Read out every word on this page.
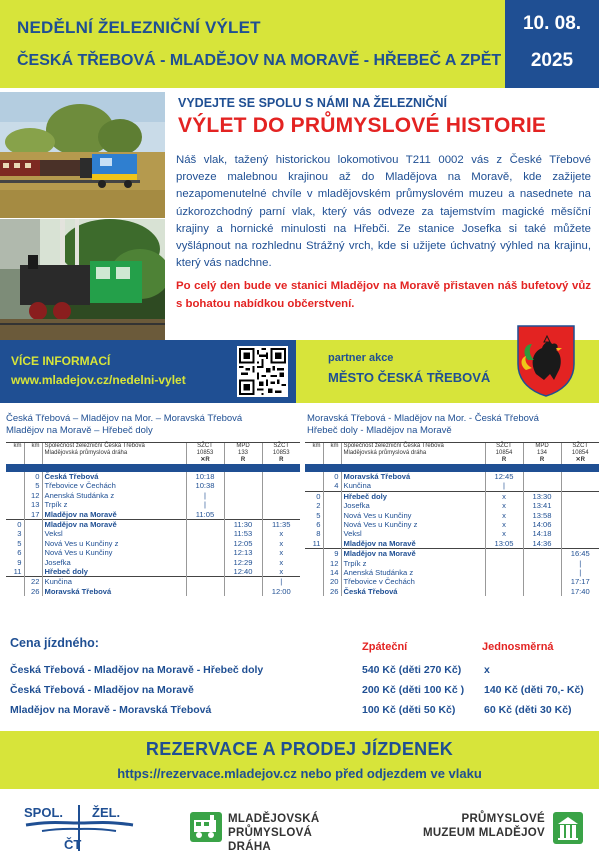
NEDĚLNÍ ŽELEZNIČNÍ VÝLET
ČESKÁ TŘEBOVÁ - MLADĚJOV NA MORAVĚ - HŘEBEČ A ZPĚT
10. 08.
2025
VYDEJTE SE SPOLU S NÁMI NA ŽELEZNIČNÍ
VÝLET DO PRŮMYSLOVÉ HISTORIE
Náš vlak, tažený historickou lokomotivou T211 0002 vás z České Třebové proveze malebnou krajinou až do Mladějova na Moravě, kde zažijete nezapomenutelné chvíle v mladějovském průmyslovém muzeu a nasednete na úzkorozchodný parní vlak, který vás odveze za tajemstvím magické měsíční krajiny a hornické minulosti na Hřebči. Ze stanice Josefka si také můžete vyšlápnout na rozhlednu Strážný vrch, kde si užijete úchvatný výhled na krajinu, který vás nadchne.
Po celý den bude ve stanici Mladějov na Moravě přistaven náš bufetový vůz s bohatou nabídkou občerstvení.
VÍCE INFORMACÍ
www.mladejov.cz/nedelni-vylet
partner akce
MĚSTO ČESKÁ TŘEBOVÁ
Česká Třebová – Mladějov na Mor. – Moravská Třebová
Mladějov na Moravě – Hřebeč doly
Moravská Třebová - Mladějov na Mor. - Česká Třebová
Hřebeč doly - Mladějov na Moravě
km	km	Společnost železniční Česká Třebová	SŽCT	MPD	SŽCT
		Mladějovská průmyslová dráha	10853	133	10853
			✕R	R	R

	0	Česká Třebová	10:18		
	5	Třebovice v Čechách	10:38		
	12	Anenská Studánka z	|		
	13	Trpík z	|		
	17	Mladějov na Moravě	11:05		
0		Mladějov na Moravě		11:30	11:35
3		Veksl		11:53	x
5		Nová Ves u Kunčiny z		12:05	x
6		Nová Ves u Kunčiny		12:13	x
9		Josefka		12:29	x
11		Hřebeč doly		12:40	x
	22	Kunčina			|
	26	Moravská Třebová			12:00
km	km	Společnost železniční Česká Třebová	SŽCT	MPD	SŽCT
		Mladějovská průmyslová dráha	10854	134	10854
			R	R	✕R

	0	Moravská Třebová	12:45		
	4	Kunčina	|		
0		Hřebeč doly	x	13:30	
2		Josefka	x	13:41	
5		Nová Ves u Kunčiny	x	13:58	
6		Nová Ves u Kunčiny z	x	14:06	
8		Veksl	x	14:18	
11		Mladějov na Moravě	13:05	14:36	
	9	Mladějov na Moravě			16:45
	12	Trpík z			|
	14	Anenská Studánka z			|
	20	Třebovice v Čechách			17:17
	26	Česká Třebová			17:40
Cena jízdného:	Zpáteční	Jednosměrná
Česká Třebová - Mladějov na Moravě - Hřebeč doly	540 Kč (děti 270 Kč) x
Česká Třebová - Mladějov na Moravě	200 Kč (děti 100 Kč ) 140 Kč (děti 70,- Kč)
Mladějov na Moravě - Moravská Třebová	100 Kč (děti 50 Kč)	60 Kč (děti 30 Kč)
REZERVACE A PRODEJ JÍZDENEK
https://rezervace.mladejov.cz nebo před odjezdem ve vlaku
SPOL. ŽEL.
ČT
MLADĚJOVSKÁ
PRŮMYSLOVÁ DRÁHA
PRŮMYSLOVÉ
MUZEUM MLADĚJOV
